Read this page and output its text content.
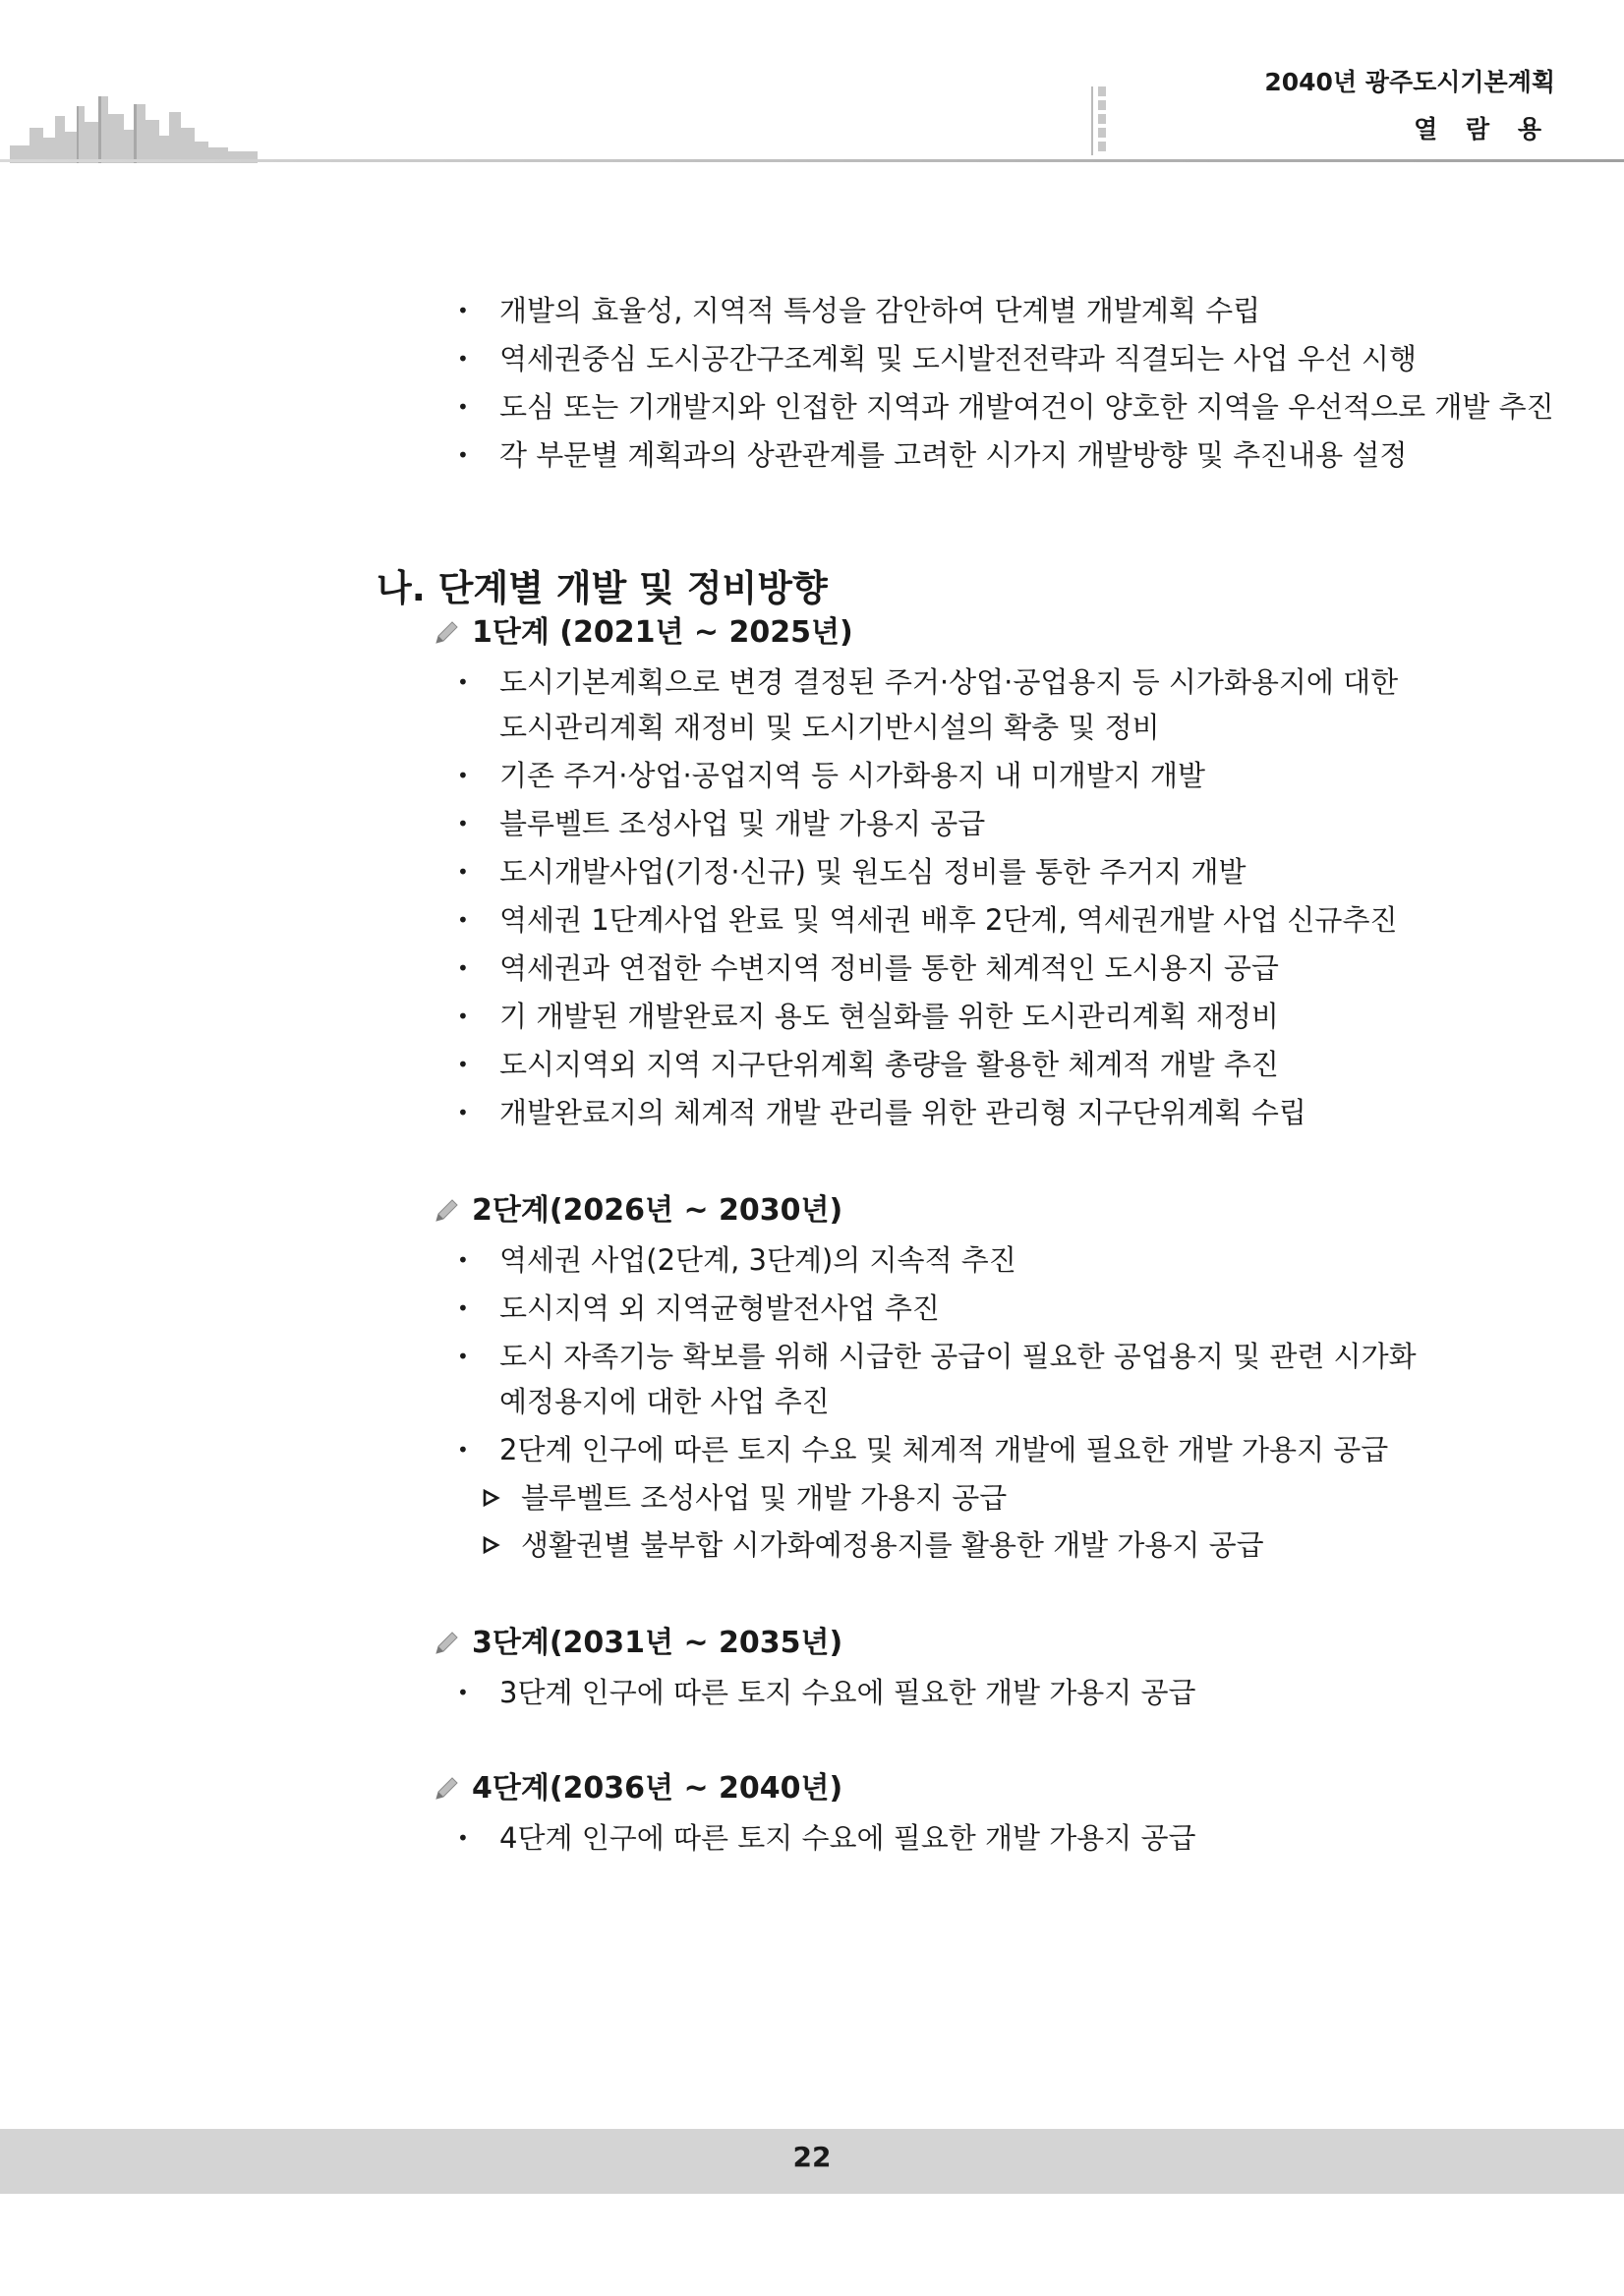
2040년 광주도시기본계획
열 람 용
• 개발의 효율성, 지역적 특성을 감안하여 단계별 개발계획 수립
• 역세권중심 도시공간구조계획 및 도시발전전략과 직결되는 사업 우선 시행
• 도심 또는 기개발지와 인접한 지역과 개발여건이 양호한 지역을 우선적으로 개발 추진
• 각 부문별 계획과의 상관관계를 고려한 시가지 개발방향 및 추진내용 설정
나. 단계별 개발 및 정비방향
1단계 (2021년 ~ 2025년)
• 도시기본계획으로 변경 결정된 주거·상업·공업용지 등 시가화용지에 대한
도시관리계획 재정비 및 도시기반시설의 확충 및 정비
• 기존 주거·상업·공업지역 등 시가화용지 내 미개발지 개발
• 블루벨트 조성사업 및 개발 가용지 공급
• 도시개발사업(기정·신규) 및 원도심 정비를 통한 주거지 개발
• 역세권 1단계사업 완료 및 역세권 배후 2단계, 역세권개발 사업 신규추진
• 역세권과 연접한 수변지역 정비를 통한 체계적인 도시용지 공급
• 기 개발된 개발완료지 용도 현실화를 위한 도시관리계획 재정비
• 도시지역외 지역 지구단위계획 총량을 활용한 체계적 개발 추진
• 개발완료지의 체계적 개발 관리를 위한 관리형 지구단위계획 수립
2단계(2026년 ~ 2030년)
• 역세권 사업(2단계, 3단계)의 지속적 추진
• 도시지역 외 지역균형발전사업 추진
• 도시 자족기능 확보를 위해 시급한 공급이 필요한 공업용지 및 관련 시가화
예정용지에 대한 사업 추진
• 2단계 인구에 따른 토지 수요 및 체계적 개발에 필요한 개발 가용지 공급
블루벨트 조성사업 및 개발 가용지 공급
생활권별 불부합 시가화예정용지를 활용한 개발 가용지 공급
3단계(2031년 ~ 2035년)
• 3단계 인구에 따른 토지 수요에 필요한 개발 가용지 공급
4단계(2036년 ~ 2040년)
• 4단계 인구에 따른 토지 수요에 필요한 개발 가용지 공급
22
